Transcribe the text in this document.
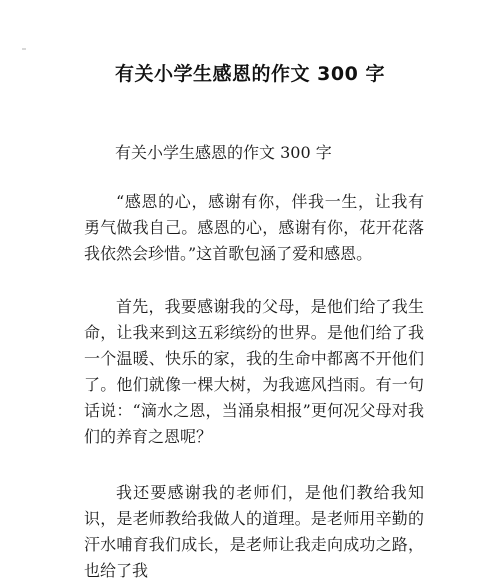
有关小学生感恩的作文 300 字
有关小学生感恩的作文 300 字
“感恩的心，感谢有你，伴我一生，让我有勇气做我自己。感恩的心，感谢有你，花开花落我依然会珍惜。”这首歌包涵了爱和感恩。
首先，我要感谢我的父母，是他们给了我生命，让我来到这五彩缤纷的世界。是他们给了我一个温暖、快乐的家，我的生命中都离不开他们了。他们就像一棵大树，为我遮风挡雨。有一句话说：“滴水之恩，当涌泉相报”更何况父母对我们的养育之恩呢？
我还要感谢我的老师们，是他们教给我知识，是老师教给我做人的道理。是老师用辛勤的汗水哺育我们成长，是老师让我走向成功之路，也给了我
